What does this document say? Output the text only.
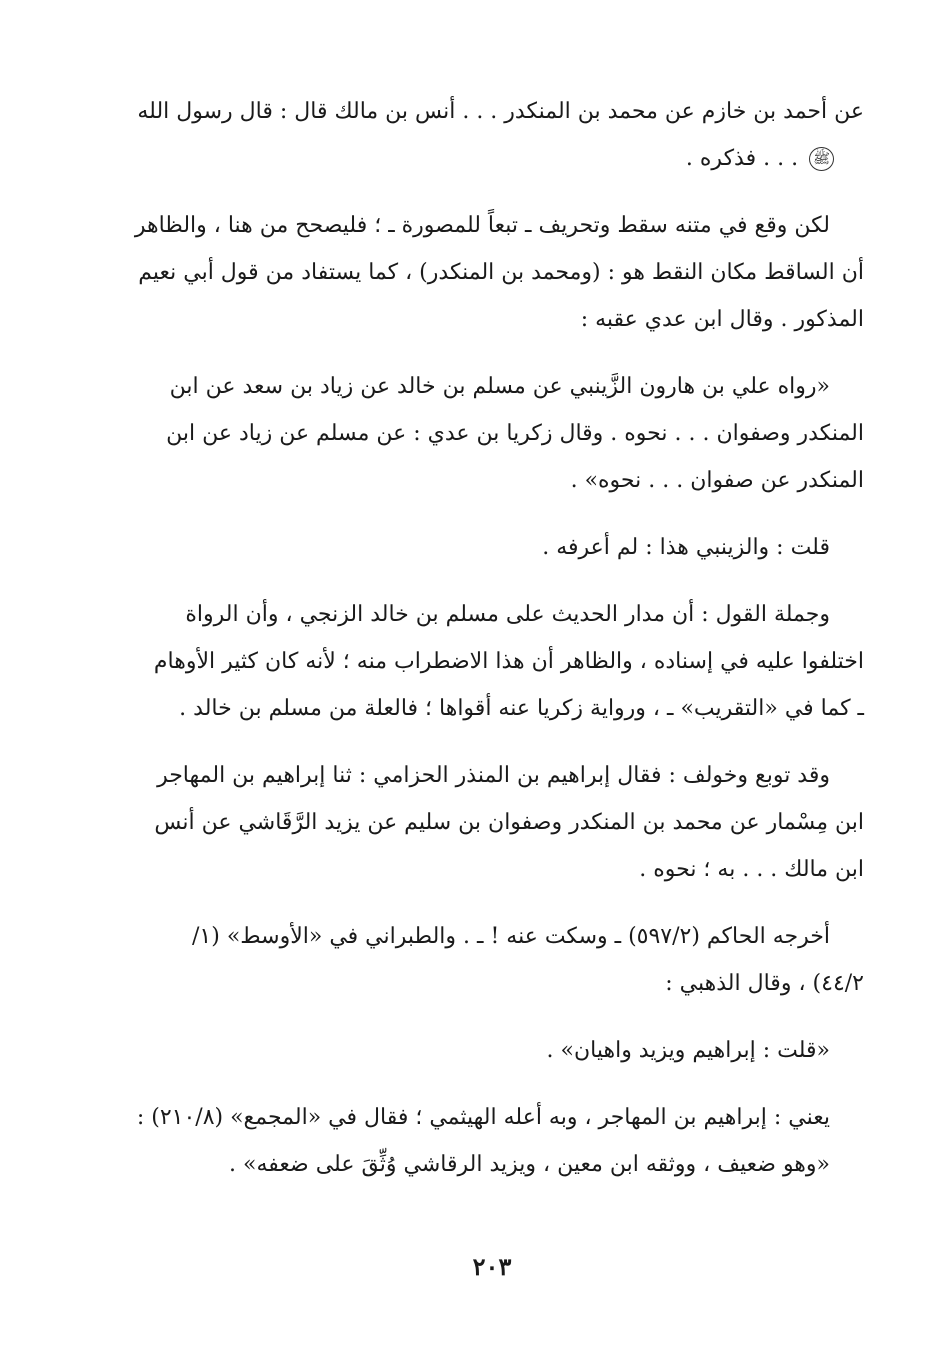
عن أحمد بن خازم عن محمد بن المنكدر . . . أنس بن مالك قال : قال رسول الله
ﷺ . . . فذكره .

لكن وقع في متنه سقط وتحريف ـ تبعاً للمصورة ـ ؛ فليصحح من هنا ، والظاهر
أن الساقط مكان النقط هو : (ومحمد بن المنكدر) ، كما يستفاد من قول أبي نعيم
المذكور . وقال ابن عدي عقبه :

«رواه علي بن هارون الزَّينبي عن مسلم بن خالد عن زياد بن سعد عن ابن
المنكدر وصفوان . . . نحوه . وقال زكريا بن عدي : عن مسلم عن زياد عن ابن
المنكدر عن صفوان . . . نحوه» .

قلت : والزينبي هذا : لم أعرفه .

وجملة القول : أن مدار الحديث على مسلم بن خالد الزنجي ، وأن الرواة
اختلفوا عليه في إسناده ، والظاهر أن هذا الاضطراب منه ؛ لأنه كان كثير الأوهام
ـ كما في «التقريب» ـ ، ورواية زكريا عنه أقواها ؛ فالعلة من مسلم بن خالد .

وقد توبع وخولف : فقال إبراهيم بن المنذر الحزامي : ثنا إبراهيم بن المهاجر
ابن مِسْمار عن محمد بن المنكدر وصفوان بن سليم عن يزيد الرَّقَاشي عن أنس
ابن مالك . . . به ؛ نحوه .

أخرجه الحاكم (٥٩٧/٢) ـ وسكت عنه ! ـ . والطبراني في «الأوسط» (١/
٤٤/٢) ، وقال الذهبي :

«قلت : إبراهيم ويزيد واهيان» .

يعني : إبراهيم بن المهاجر ، وبه أعله الهيثمي ؛ فقال في «المجمع» (٢١٠/٨) :
«وهو ضعيف ، ووثقه ابن معين ، ويزيد الرقاشي وُثِّقَ على ضعفه» .

٢٠٣
